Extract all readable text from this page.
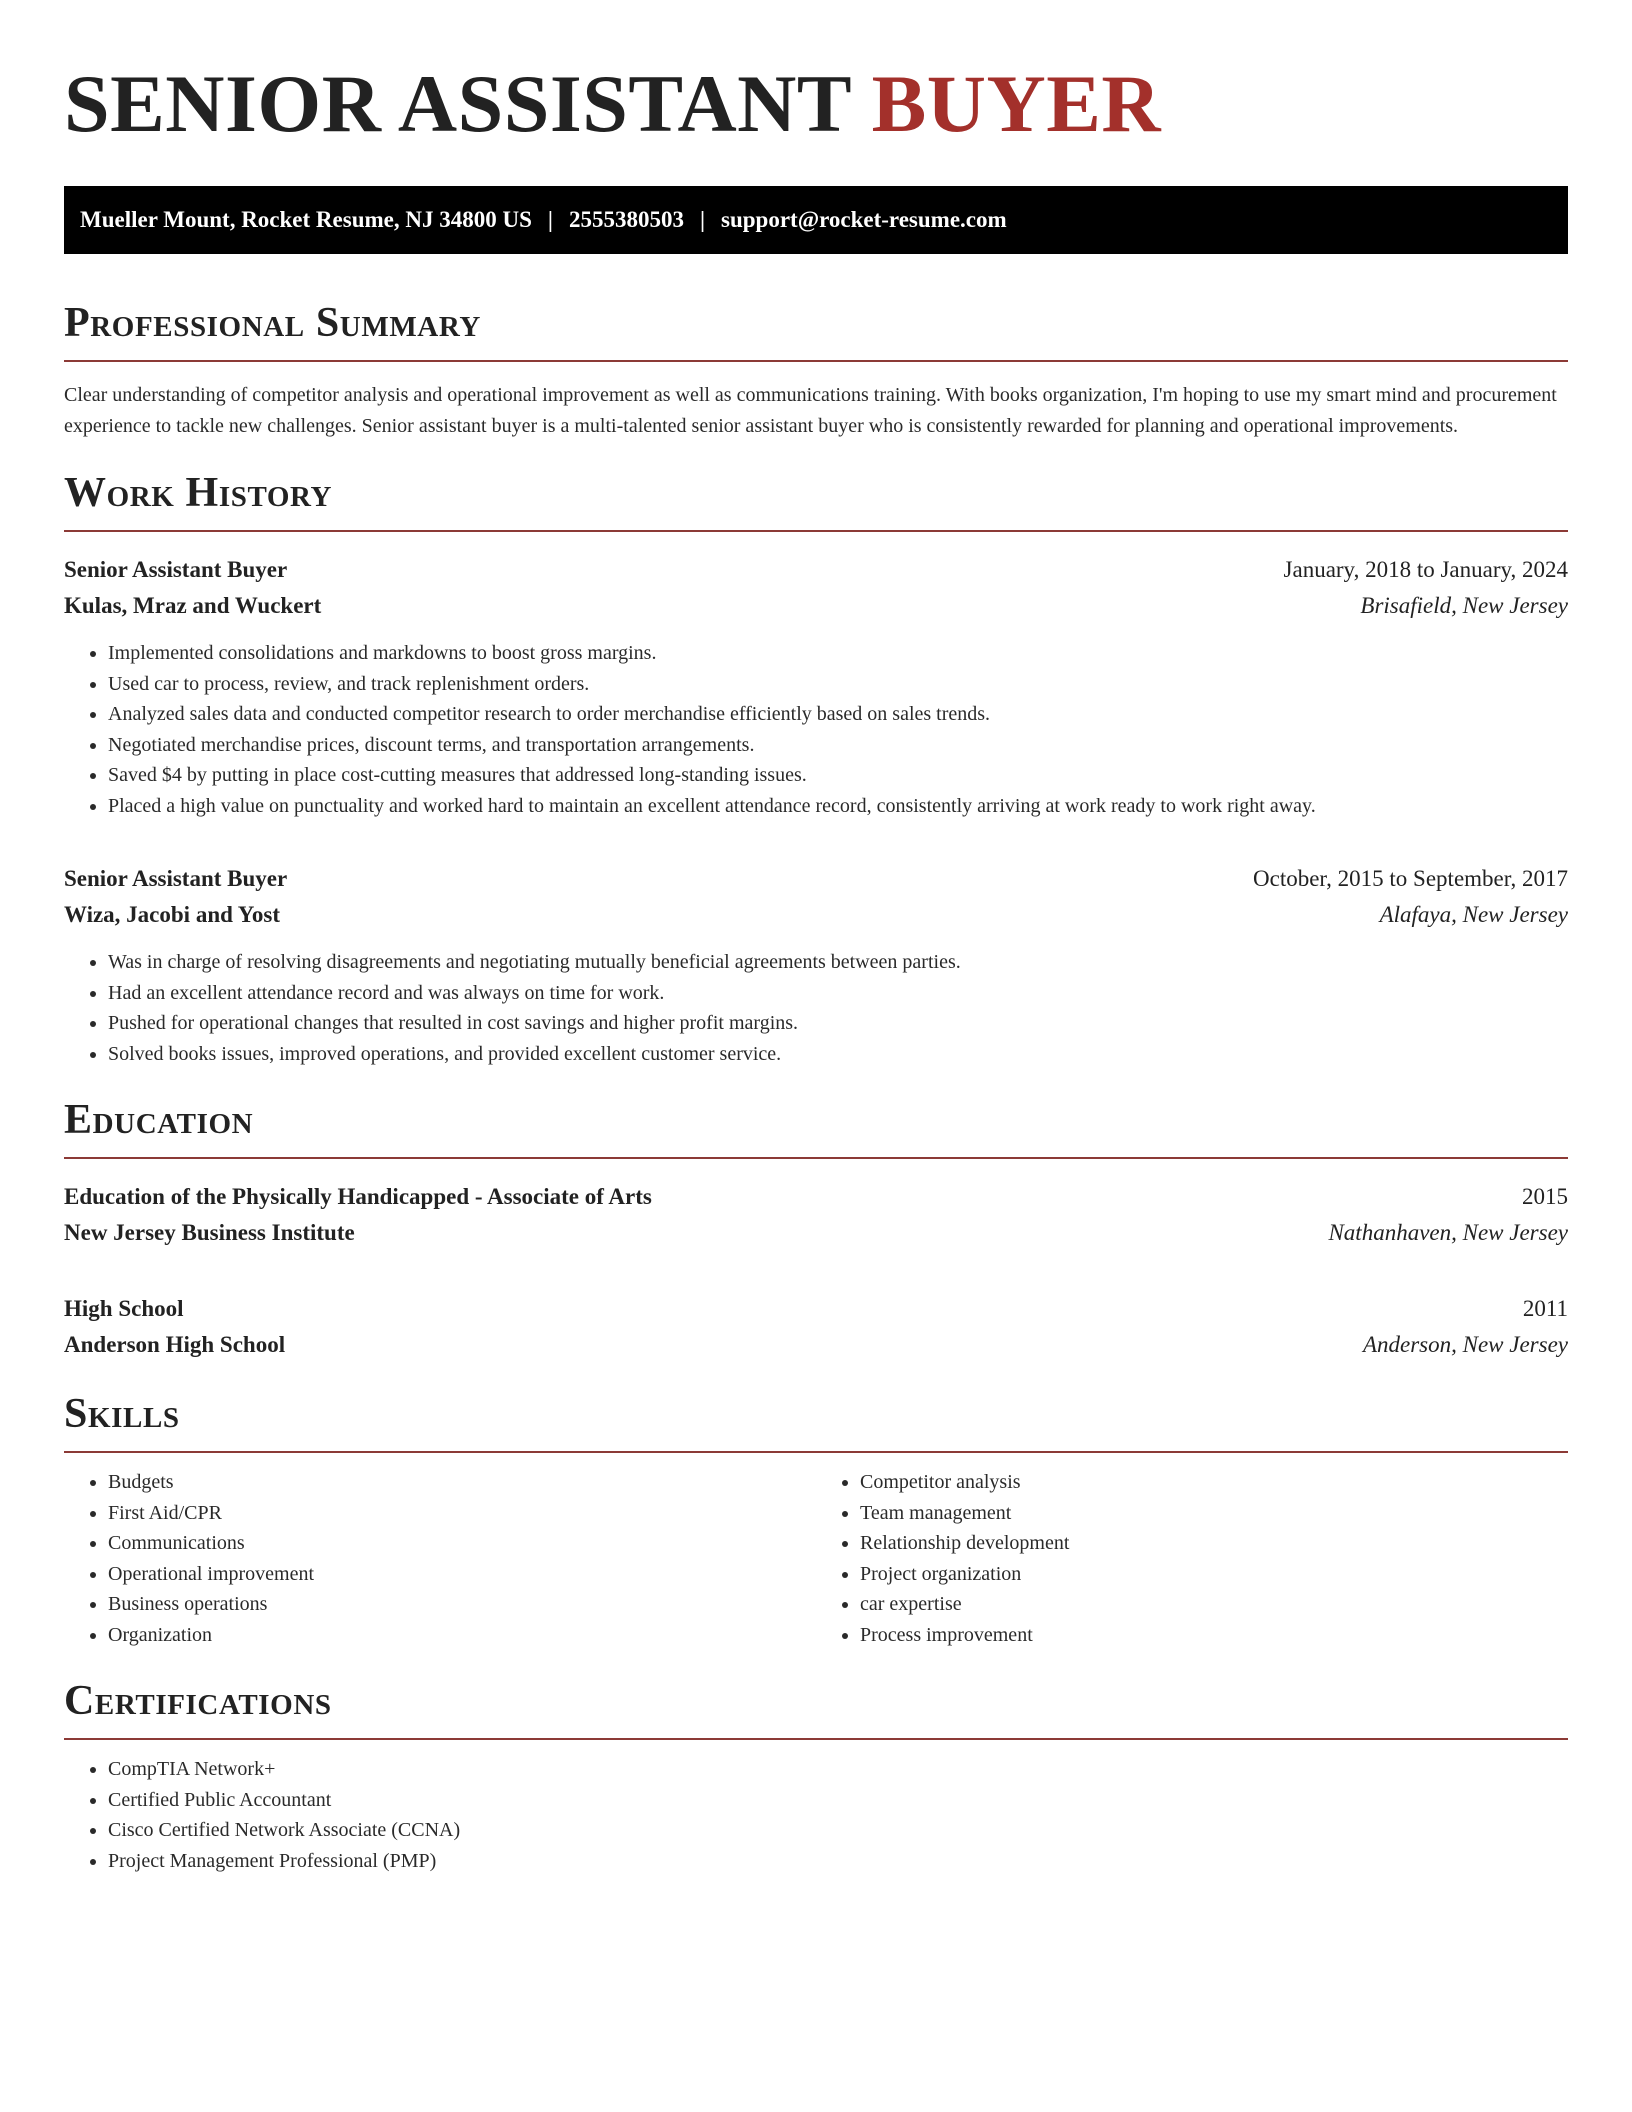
SENIOR ASSISTANT BUYER
Mueller Mount, Rocket Resume, NJ 34800 US | 2555380503 | support@rocket-resume.com
Professional Summary

Clear understanding of competitor analysis and operational improvement as well as communications training. With books organization, I'm hoping to use my smart mind and procurement experience to tackle new challenges. Senior assistant buyer is a multi-talented senior assistant buyer who is consistently rewarded for planning and operational improvements.

Work History
Senior Assistant Buyer	January, 2018 to January, 2024
Kulas, Mraz and Wuckert	Brisafield, New Jersey
• Implemented consolidations and markdowns to boost gross margins.
• Used car to process, review, and track replenishment orders.
• Analyzed sales data and conducted competitor research to order merchandise efficiently based on sales trends.
• Negotiated merchandise prices, discount terms, and transportation arrangements.
• Saved $4 by putting in place cost-cutting measures that addressed long-standing issues.
• Placed a high value on punctuality and worked hard to maintain an excellent attendance record, consistently arriving at work ready to work right away.
Senior Assistant Buyer	October, 2015 to September, 2017
Wiza, Jacobi and Yost	Alafaya, New Jersey
• Was in charge of resolving disagreements and negotiating mutually beneficial agreements between parties.
• Had an excellent attendance record and was always on time for work.
• Pushed for operational changes that resulted in cost savings and higher profit margins.
• Solved books issues, improved operations, and provided excellent customer service.
Education
Education of the Physically Handicapped - Associate of Arts	2015
New Jersey Business Institute	Nathanhaven, New Jersey
High School	2011
Anderson High School	Anderson, New Jersey
Skills
• Budgets
• First Aid/CPR
• Communications
• Operational improvement
• Business operations
• Organization
• Competitor analysis
• Team management
• Relationship development
• Project organization
• car expertise
• Process improvement
Certifications
• CompTIA Network+
• Certified Public Accountant
• Cisco Certified Network Associate (CCNA)
• Project Management Professional (PMP)
